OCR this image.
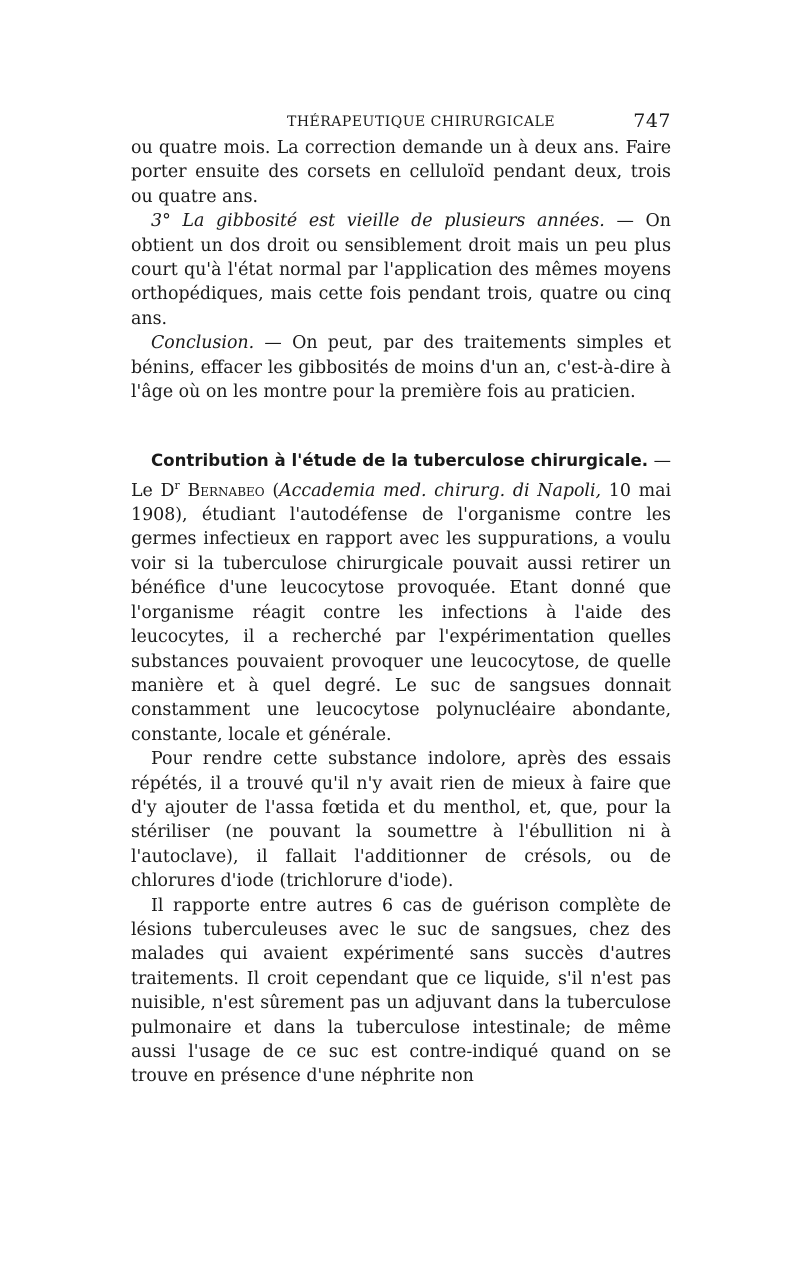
THÉRAPEUTIQUE CHIRURGICALE	747

ou quatre mois. La correction demande un à deux ans. Faire porter ensuite des corsets en celluloïd pendant deux, trois ou quatre ans.

3° La gibbosité est vieille de plusieurs années. — On obtient un dos droit ou sensiblement droit mais un peu plus court qu'à l'état normal par l'application des mêmes moyens orthopédiques, mais cette fois pendant trois, quatre ou cinq ans.

Conclusion. — On peut, par des traitements simples et bénins, effacer les gibbosités de moins d'un an, c'est-à-dire à l'âge où on les montre pour la première fois au praticien.

Contribution à l'étude de la tuberculose chirurgicale. — Le $D^r$ Bernabeo (Accademia med. chirurg. di Napoli, 10 mai 1908), étudiant l'autodéfense de l'organisme contre les germes infectieux en rapport avec les suppurations, a voulu voir si la tuberculose chirurgicale pouvait aussi retirer un bénéfice d'une leucocytose provoquée. Etant donné que l'organisme réagit contre les infections à l'aide des leucocytes, il a recherché par l'expérimentation quelles substances pouvaient provoquer une leucocytose, de quelle manière et à quel degré. Le suc de sangsues donnait constamment une leucocytose polynucléaire abondante, constante, locale et générale.

Pour rendre cette substance indolore, après des essais répétés, il a trouvé qu'il n'y avait rien de mieux à faire que d'y ajouter de l'assa fœtida et du menthol, et, que, pour la stériliser (ne pouvant la soumettre à l'ébullition ni à l'autoclave), il fallait l'additionner de crésols, ou de chlorures d'iode (trichlorure d'iode).

Il rapporte entre autres 6 cas de guérison complète de lésions tuberculeuses avec le suc de sangsues, chez des malades qui avaient expérimenté sans succès d'autres traitements. Il croit cependant que ce liquide, s'il n'est pas nuisible, n'est sûrement pas un adjuvant dans la tuberculose pulmonaire et dans la tuberculose intestinale; de même aussi l'usage de ce suc est contre-indiqué quand on se trouve en présence d'une néphrite non
